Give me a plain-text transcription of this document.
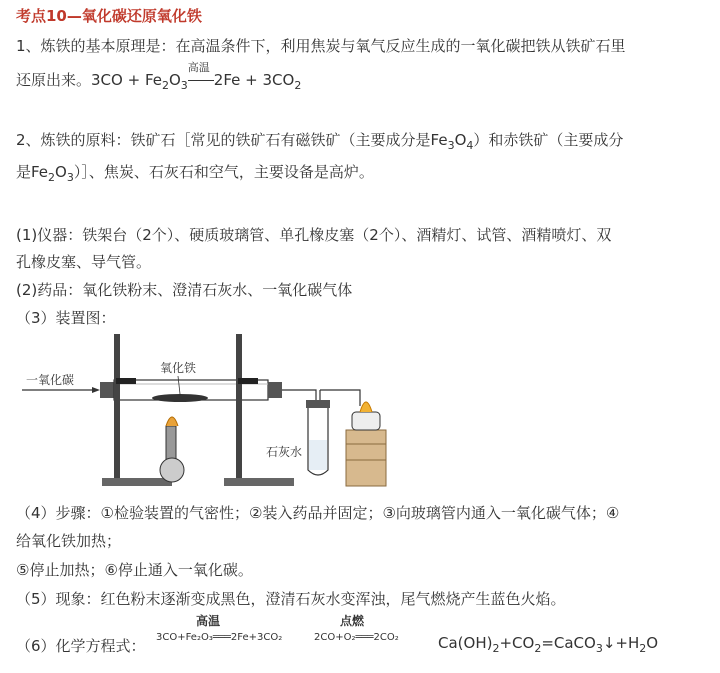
考点10—氧化碳还原氧化铁
1、炼铁的基本原理是：在高温条件下，利用焦炭与氧气反应生成的一氧化碳把铁从铁矿石里
还原出来。$3CO + Fe_2O_3$
高温
$2Fe + 3CO_2$
2、炼铁的原料：铁矿石［常见的铁矿石有磁铁矿（主要成分是$Fe_3O_4$）和赤铁矿（主要成分
是$Fe_2O_3)]$、焦炭、石灰石和空气，主要设备是高炉。
(1)仪器：铁架台（2个）、硬质玻璃管、单孔橡皮塞（2个）、酒精灯、试管、酒精喷灯、双
孔橡皮塞、导气管。
(2)药品：氧化铁粉末、澄清石灰水、一氧化碳气体
（3）装置图：
一氧化碳
氧化铁
石灰水
（4）步骤：①检验装置的气密性；②装入药品并固定；③向玻璃管内通入一氧化碳气体；④
给氧化铁加热；
⑤停止加热；⑥停止通入一氧化碳。
（5）现象：红色粉末逐渐变成黑色，澄清石灰水变浑浊，尾气燃烧产生蓝色火焰。
（6）化学方程式：
高温
3CO+Fe₂O₃═══2Fe+3CO₂
点燃
2CO+O₂═══2CO₂	$Ca(OH)_2+CO_2=CaCO_3↓+H_2O$
